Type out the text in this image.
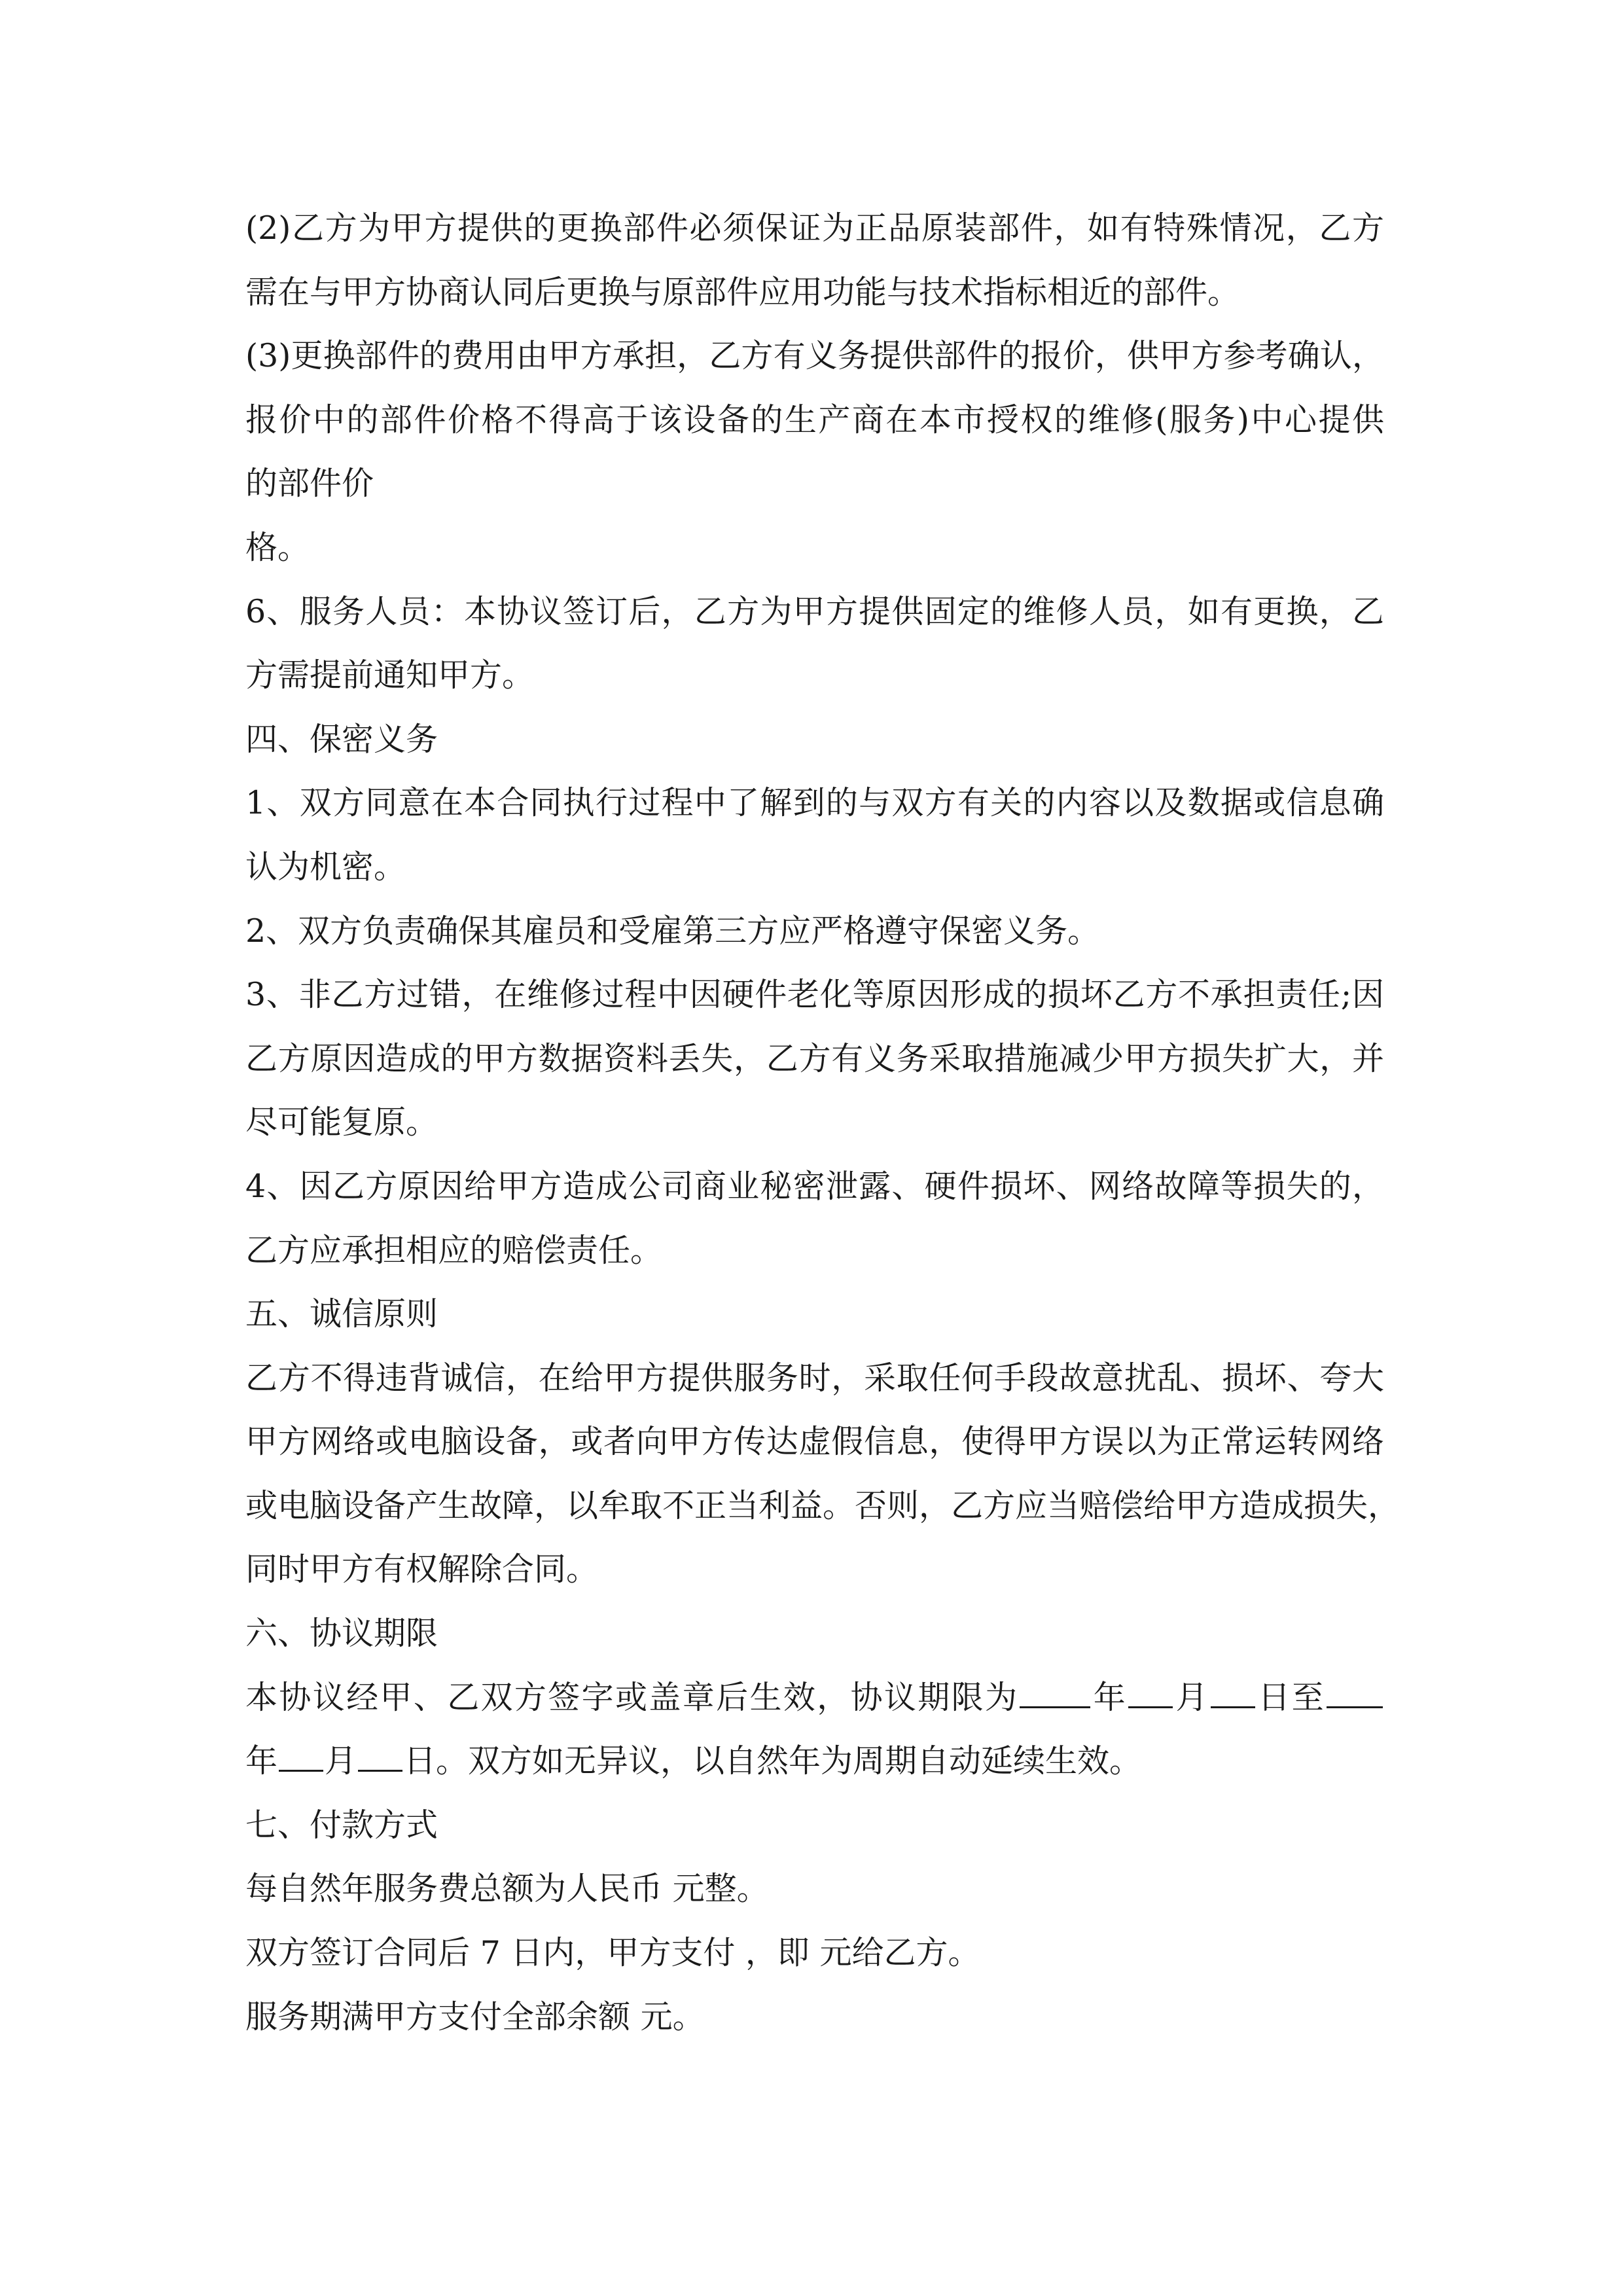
(2)乙方为甲方提供的更换部件必须保证为正品原装部件，如有特殊情况，乙方
需在与甲方协商认同后更换与原部件应用功能与技术指标相近的部件。
(3)更换部件的费用由甲方承担，乙方有义务提供部件的报价，供甲方参考确认，
报价中的部件价格不得高于该设备的生产商在本市授权的维修(服务)中心提供
的部件价
格。
6、服务人员：本协议签订后，乙方为甲方提供固定的维修人员，如有更换，乙
方需提前通知甲方。
四、保密义务
1、双方同意在本合同执行过程中了解到的与双方有关的内容以及数据或信息确
认为机密。
2、双方负责确保其雇员和受雇第三方应严格遵守保密义务。
3、非乙方过错，在维修过程中因硬件老化等原因形成的损坏乙方不承担责任;因
乙方原因造成的甲方数据资料丢失，乙方有义务采取措施减少甲方损失扩大，并
尽可能复原。
4、因乙方原因给甲方造成公司商业秘密泄露、硬件损坏、网络故障等损失的，
乙方应承担相应的赔偿责任。
五、诚信原则
乙方不得违背诚信，在给甲方提供服务时，采取任何手段故意扰乱、损坏、夸大
甲方网络或电脑设备，或者向甲方传达虚假信息，使得甲方误以为正常运转网络
或电脑设备产生故障，以牟取不正当利益。否则，乙方应当赔偿给甲方造成损失，
同时甲方有权解除合同。
六、协议期限
本协议经甲、乙双方签字或盖章后生效，协议期限为 年 月 日至
年 月 日。双方如无异议，以自然年为周期自动延续生效。
七、付款方式
每自然年服务费总额为人民币 元整。
双方签订合同后 7 日内，甲方支付 ，即 元给乙方。
服务期满甲方支付全部余额 元。
